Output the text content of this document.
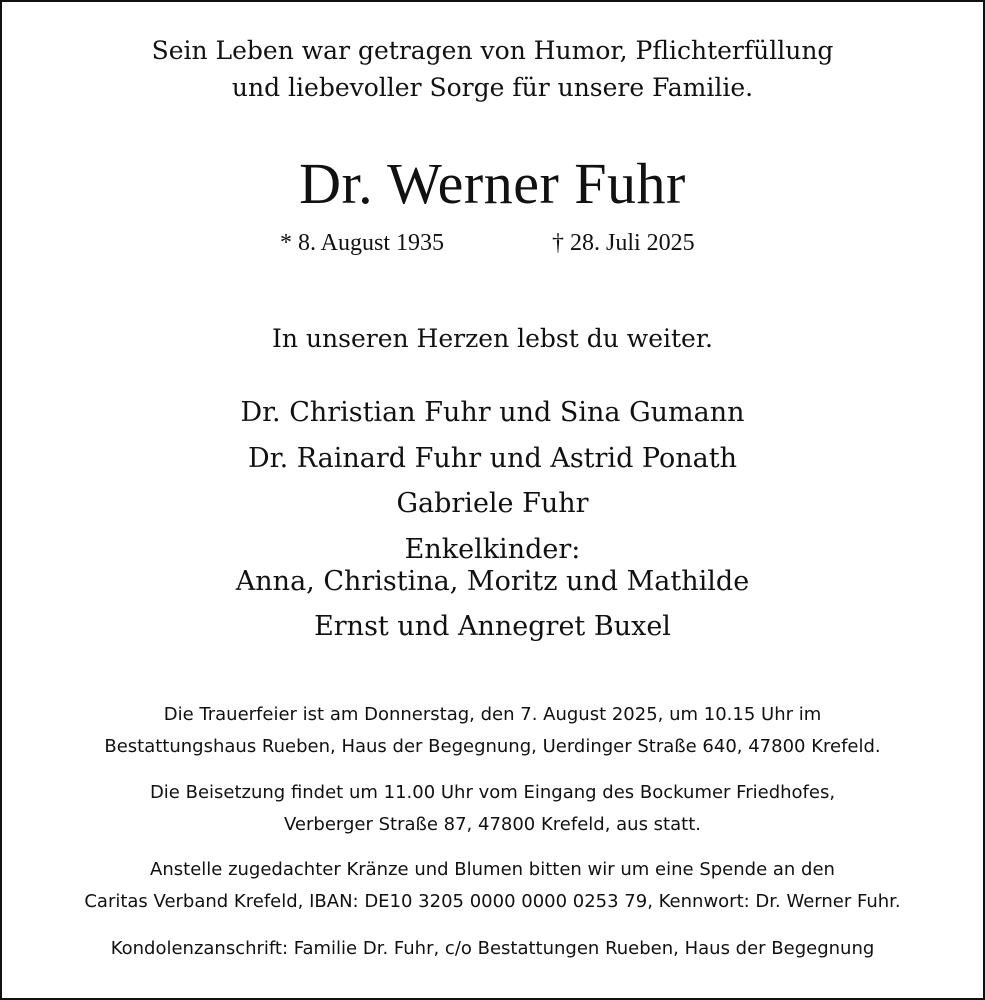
Sein Leben war getragen von Humor, Pflichterfüllung
und liebevoller Sorge für unsere Familie.
Dr. Werner Fuhr
* 8. August 1935	† 28. Juli 2025
In unseren Herzen lebst du weiter.
Dr. Christian Fuhr und Sina Gumann
Dr. Rainard Fuhr und Astrid Ponath
Gabriele Fuhr
Enkelkinder:
Anna, Christina, Moritz und Mathilde
Ernst und Annegret Buxel
Die Trauerfeier ist am Donnerstag, den 7. August 2025, um 10.15 Uhr im
Bestattungshaus Rueben, Haus der Begegnung, Uerdinger Straße 640, 47800 Krefeld.
Die Beisetzung findet um 11.00 Uhr vom Eingang des Bockumer Friedhofes,
Verberger Straße 87, 47800 Krefeld, aus statt.
Anstelle zugedachter Kränze und Blumen bitten wir um eine Spende an den
Caritas Verband Krefeld, IBAN: DE10 3205 0000 0000 0253 79, Kennwort: Dr. Werner Fuhr.
Kondolenzanschrift: Familie Dr. Fuhr, c/o Bestattungen Rueben, Haus der Begegnung
